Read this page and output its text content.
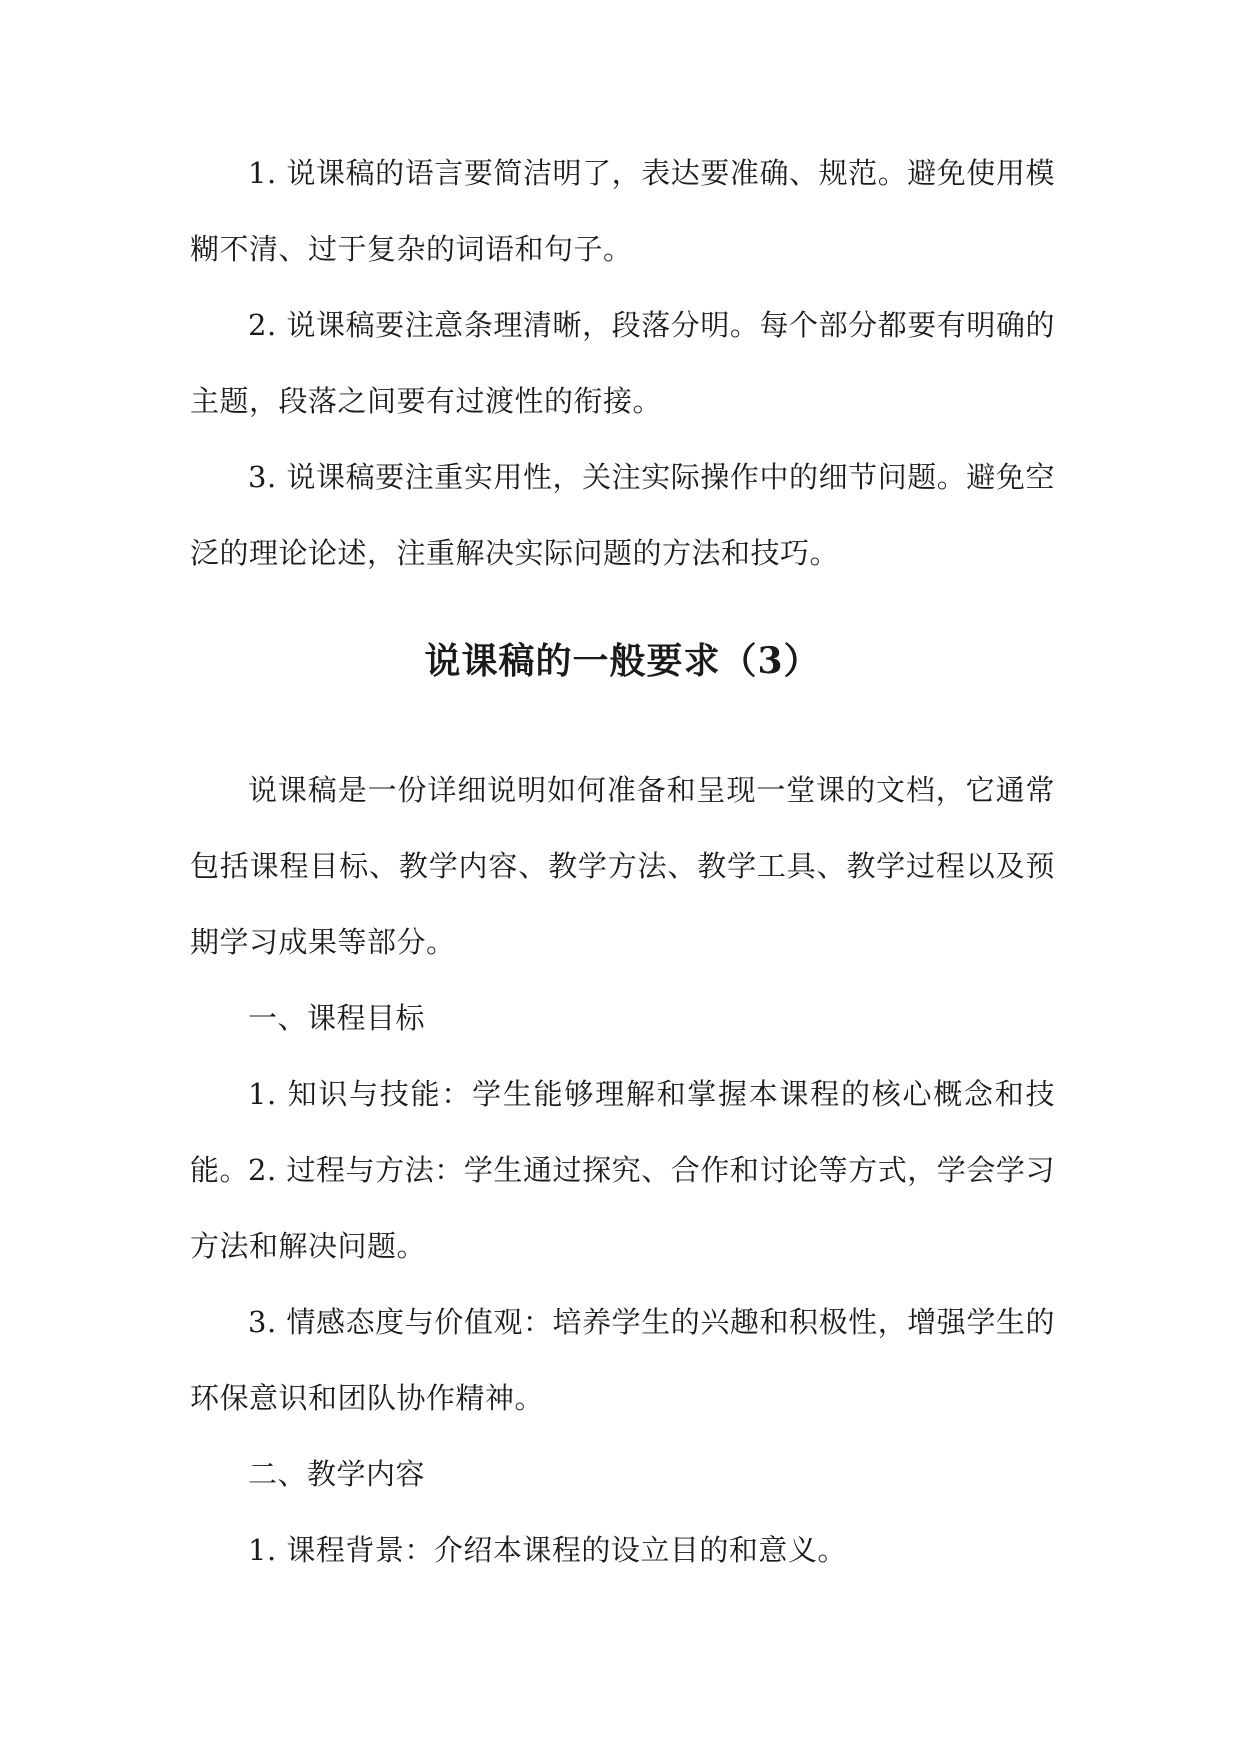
1. 说课稿的语言要简洁明了，表达要准确、规范。避免使用模糊不清、过于复杂的词语和句子。

2. 说课稿要注意条理清晰，段落分明。每个部分都要有明确的主题，段落之间要有过渡性的衔接。

3. 说课稿要注重实用性，关注实际操作中的细节问题。避免空泛的理论论述，注重解决实际问题的方法和技巧。

说课稿的一般要求（3）

说课稿是一份详细说明如何准备和呈现一堂课的文档，它通常包括课程目标、教学内容、教学方法、教学工具、教学过程以及预期学习成果等部分。

一、课程目标

1. 知识与技能：学生能够理解和掌握本课程的核心概念和技能。

2. 过程与方法：学生通过探究、合作和讨论等方式，学会学习方法和解决问题。

3. 情感态度与价值观：培养学生的兴趣和积极性，增强学生的环保意识和团队协作精神。

二、教学内容

1. 课程背景：介绍本课程的设立目的和意义。
